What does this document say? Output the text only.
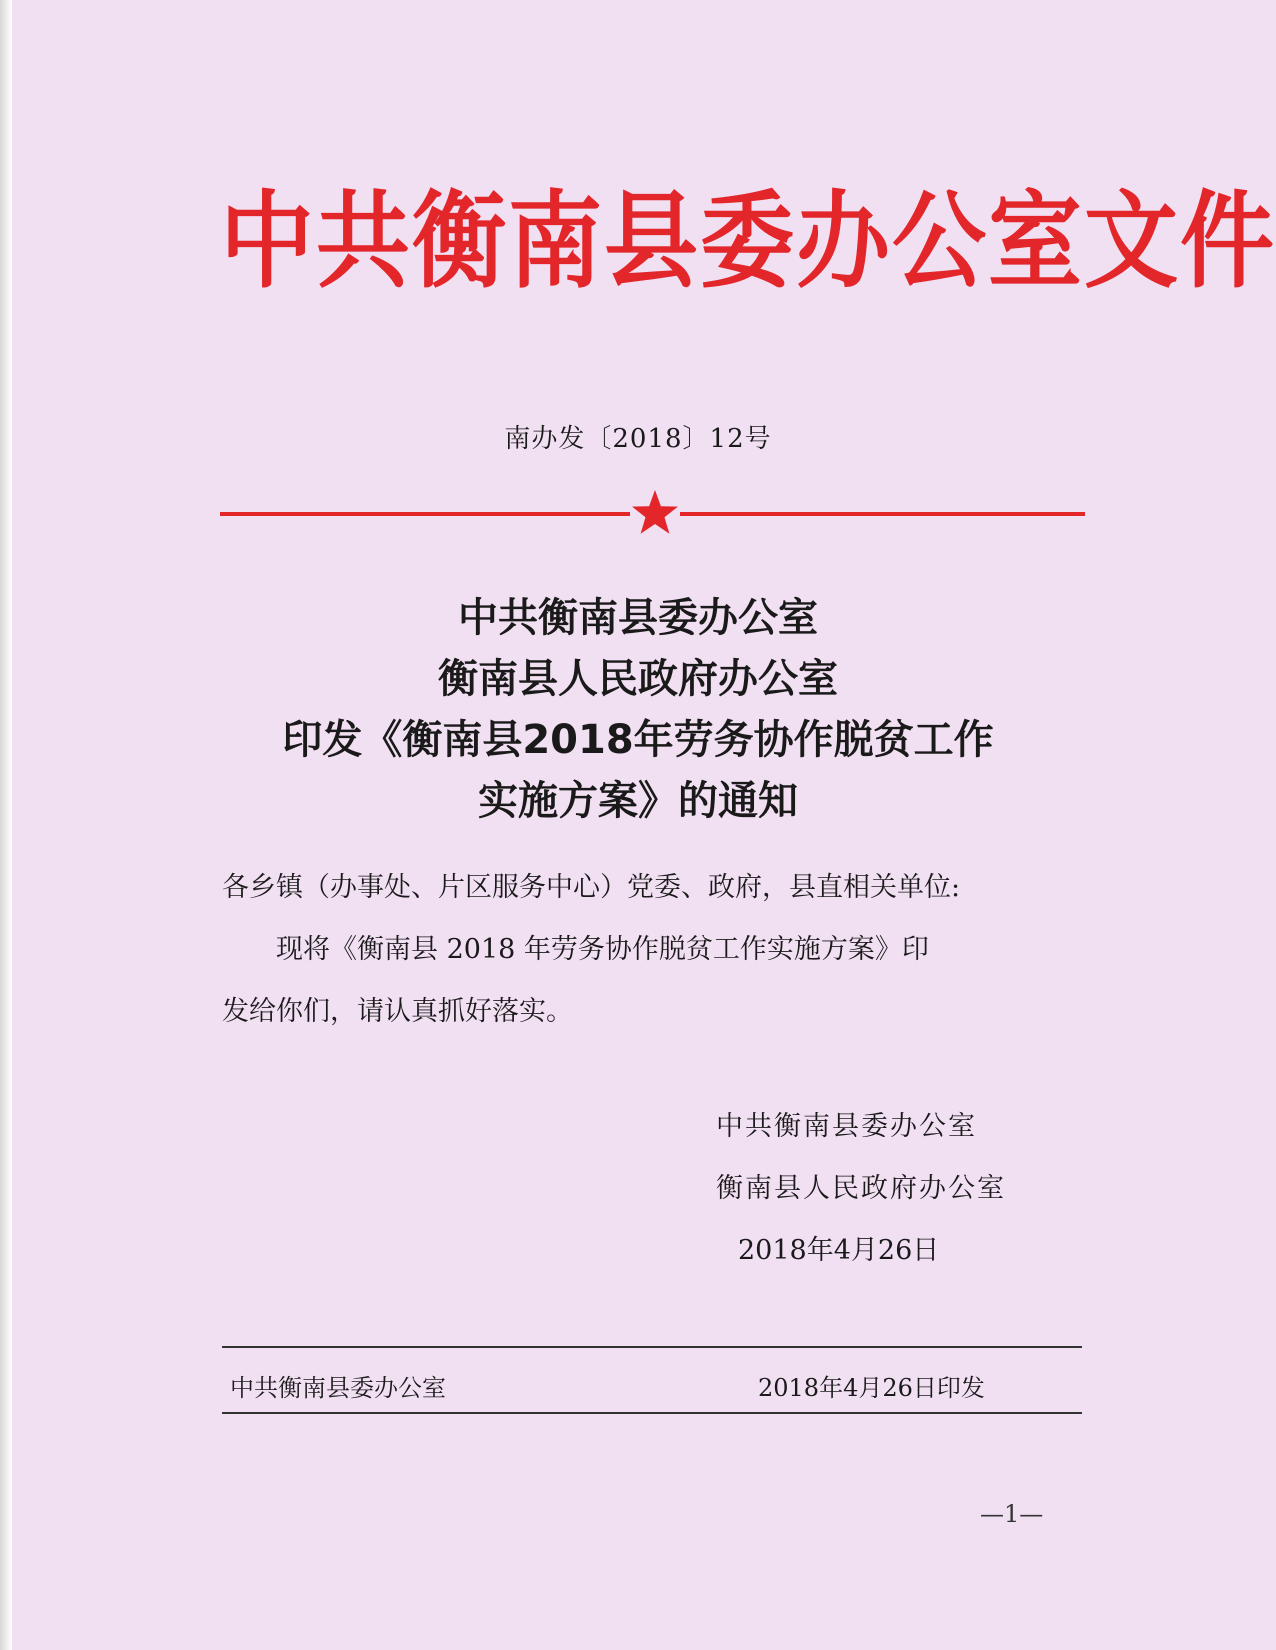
中共衡南县委办公室文件
南办发〔2018〕12号
中共衡南县委办公室
衡南县人民政府办公室
印发《衡南县2018年劳务协作脱贫工作
实施方案》的通知
各乡镇（办事处、片区服务中心）党委、政府，县直相关单位:
　　现将《衡南县 2018 年劳务协作脱贫工作实施方案》印
发给你们，请认真抓好落实。
中共衡南县委办公室
衡南县人民政府办公室
2018年4月26日
中共衡南县委办公室	2018年4月26日印发
—1—
